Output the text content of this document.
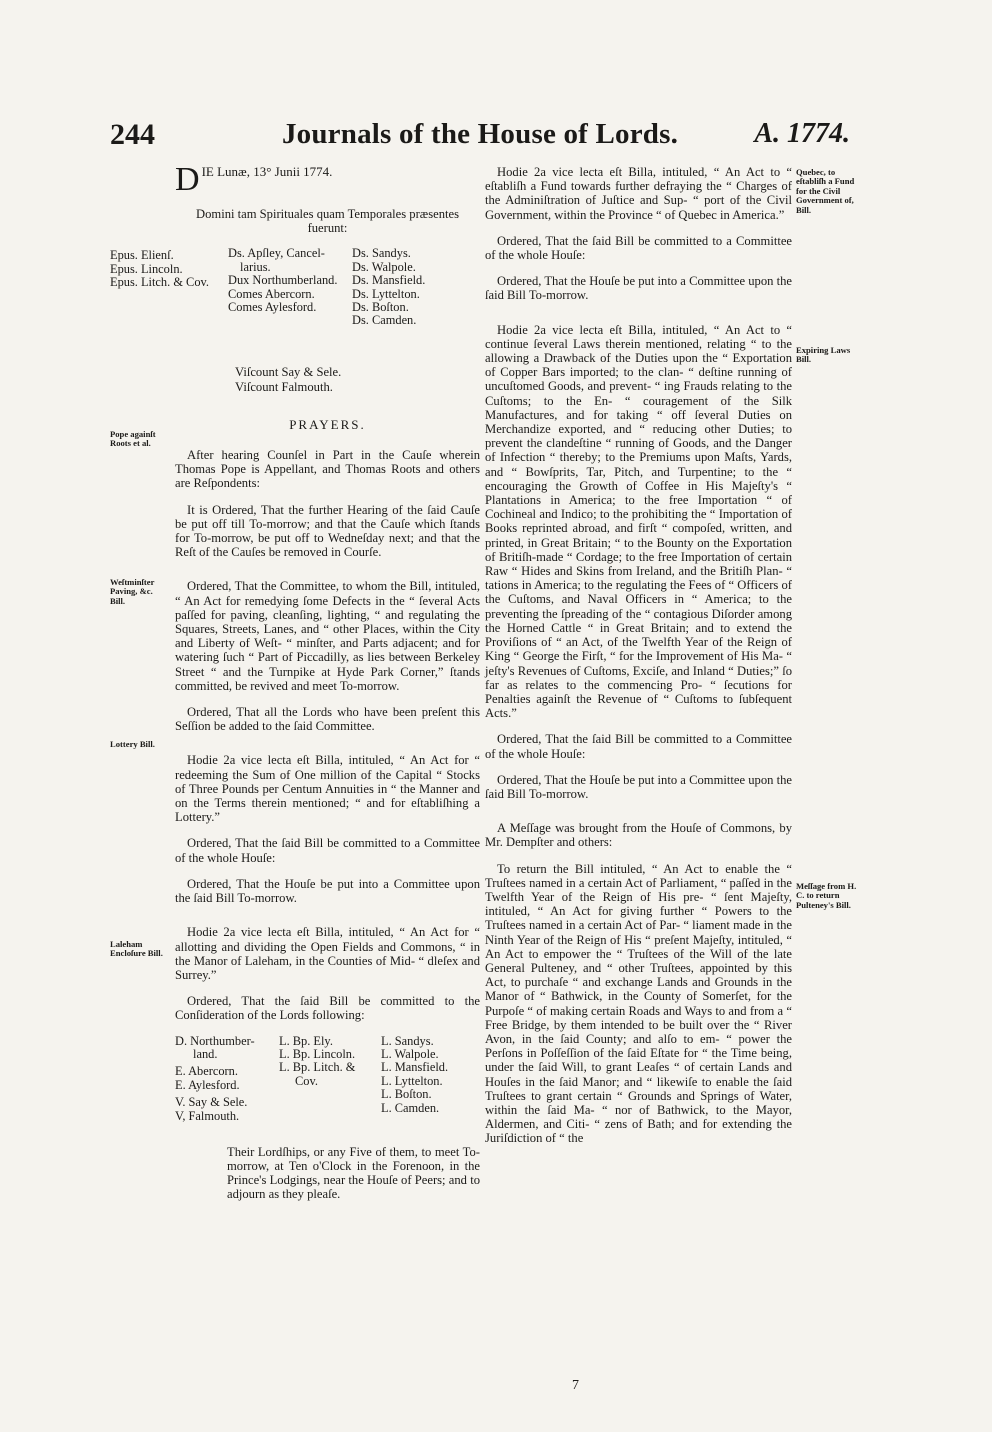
244	Journals of the House of Lords.	A. 1774.
D IE Lunæ, 13° Junii 1774.

Domini tam Spirituales quam Temporales præsentes fuerunt:

Epus. Elienſ.
Epus. Lincoln.
Epus. Litch. & Cov.
Ds. Apſley, Cancel-
larius.
Dux Northumberland.
Comes Abercorn.
Comes Aylesford.
Ds. Sandys.
Ds. Walpole.
Ds. Mansfield.
Ds. Lyttelton.
Ds. Boſton.
Ds. Camden.
Viſcount Say & Sele.
Viſcount Falmouth.
PRAYERS.

After hearing Counſel in Part in the Cauſe wherein Thomas Pope is Appellant, and Thomas Roots and others are Reſpondents:

It is Ordered, That the further Hearing of the ſaid Cauſe be put off till To-morrow; and that the Cauſe which ſtands for To-morrow, be put off to Wedneſday next; and that the Reſt of the Cauſes be removed in Courſe.

Ordered, That the Committee, to whom the Bill, intituled, “ An Act for remedying ſome Defects in the “ ſeveral Acts paſſed for paving, cleanſing, lighting, “ and regulating the Squares, Streets, Lanes, and “ other Places, within the City and Liberty of Weſt- “ minſter, and Parts adjacent; and for watering ſuch “ Part of Piccadilly, as lies between Berkeley Street “ and the Turnpike at Hyde Park Corner,” ſtands committed, be revived and meet To-morrow.

Ordered, That all the Lords who have been preſent this Seſſion be added to the ſaid Committee.

Hodie 2a vice lecta eſt Billa, intituled, “ An Act for “ redeeming the Sum of One million of the Capital “ Stocks of Three Pounds per Centum Annuities in “ the Manner and on the Terms therein mentioned; “ and for eſtabliſhing a Lottery.”

Ordered, That the ſaid Bill be committed to a Committee of the whole Houſe:

Ordered, That the Houſe be put into a Committee upon the ſaid Bill To-morrow.

Hodie 2a vice lecta eſt Billa, intituled, “ An Act for “ allotting and dividing the Open Fields and Commons, “ in the Manor of Laleham, in the Counties of Mid- “ dleſex and Surrey.”

Ordered, That the ſaid Bill be committed to the Conſideration of the Lords following:

D. Northumber-
land.
E. Abercorn.
E. Aylesford.
V. Say & Sele.
V, Falmouth.
L. Bp. Ely.
L. Bp. Lincoln.
L. Bp. Litch. &
Cov.
L. Sandys.
L. Walpole.
L. Mansfield.
L. Lyttelton.
L. Boſton.
L. Camden.

Their Lordſhips, or any Five of them, to meet To-morrow, at Ten o'Clock in the Forenoon, in the Prince's Lodgings, near the Houſe of Peers; and to adjourn as they pleaſe.

Hodie 2a vice lecta eſt Billa, intituled, “ An Act to “ eſtabliſh a Fund towards further defraying the “ Charges of the Adminiſtration of Juſtice and Sup- “ port of the Civil Government, within the Province “ of Quebec in America.”

Ordered, That the ſaid Bill be committed to a Committee of the whole Houſe:

Ordered, That the Houſe be put into a Committee upon the ſaid Bill To-morrow.

Hodie 2a vice lecta eſt Billa, intituled, “ An Act to “ continue ſeveral Laws therein mentioned, relating “ to the allowing a Drawback of the Duties upon the “ Exportation of Copper Bars imported; to the clan- “ deſtine running of uncuſtomed Goods, and prevent- “ ing Frauds relating to the Cuſtoms; to the En- “ couragement of the Silk Manufactures, and for taking “ off ſeveral Duties on Merchandize exported, and “ reducing other Duties; to prevent the clandeſtine “ running of Goods, and the Danger of Infection “ thereby; to the Premiums upon Maſts, Yards, and “ Bowſprits, Tar, Pitch, and Turpentine; to the “ encouraging the Growth of Coffee in His Majeſty's “ Plantations in America; to the free Importation “ of Cochineal and Indico; to the prohibiting the “ Importation of Books reprinted abroad, and firſt “ compoſed, written, and printed, in Great Britain; “ to the Bounty on the Exportation of Britiſh-made “ Cordage; to the free Importation of certain Raw “ Hides and Skins from Ireland, and the Britiſh Plan- “ tations in America; to the regulating the Fees of “ Officers of the Cuſtoms, and Naval Officers in “ America; to the preventing the ſpreading of the “ contagious Diſorder among the Horned Cattle “ in Great Britain; and to extend the Proviſions of “ an Act, of the Twelfth Year of the Reign of King “ George the Firſt, “ for the Improvement of His Ma- “ jeſty's Revenues of Cuſtoms, Exciſe, and Inland “ Duties;” ſo far as relates to the commencing Pro- “ ſecutions for Penalties againſt the Revenue of “ Cuſtoms to ſubſequent Acts.”

Ordered, That the ſaid Bill be committed to a Committee of the whole Houſe:

Ordered, That the Houſe be put into a Committee upon the ſaid Bill To-morrow.

A Meſſage was brought from the Houſe of Commons, by Mr. Dempſter and others:

To return the Bill intituled, “ An Act to enable the “ Truſtees named in a certain Act of Parliament, “ paſſed in the Twelfth Year of the Reign of His pre- “ ſent Majeſty, intituled, “ An Act for giving further “ Powers to the Truſtees named in a certain Act of Par- “ liament made in the Ninth Year of the Reign of His “ preſent Majeſty, intituled, “ An Act to empower the “ Truſtees of the Will of the late General Pulteney, and “ other Truſtees, appointed by this Act, to purchaſe “ and exchange Lands and Grounds in the Manor of “ Bathwick, in the County of Somerſet, for the Purpoſe “ of making certain Roads and Ways to and from a “ Free Bridge, by them intended to be built over the “ River Avon, in the ſaid County; and alſo to em- “ power the Perſons in Poſſeſſion of the ſaid Eſtate for “ the Time being, under the ſaid Will, to grant Leaſes “ of certain Lands and Houſes in the ſaid Manor; and “ likewiſe to enable the ſaid Truſtees to grant certain “ Grounds and Springs of Water, within the ſaid Ma- “ nor of Bathwick, to the Mayor, Aldermen, and Citi- “ zens of Bath; and for extending the Juriſdiction of “ the

Pope againſt Roots et al.
Weſtminſter Paving, &c. Bill.
Lottery Bill.
Laleham Encloſure Bill.
Quebec, to eſtabliſh a Fund for the Civil Government of, Bill.
Expiring Laws Bill.
Meſſage from H. C. to return Pulteney's Bill.
7
